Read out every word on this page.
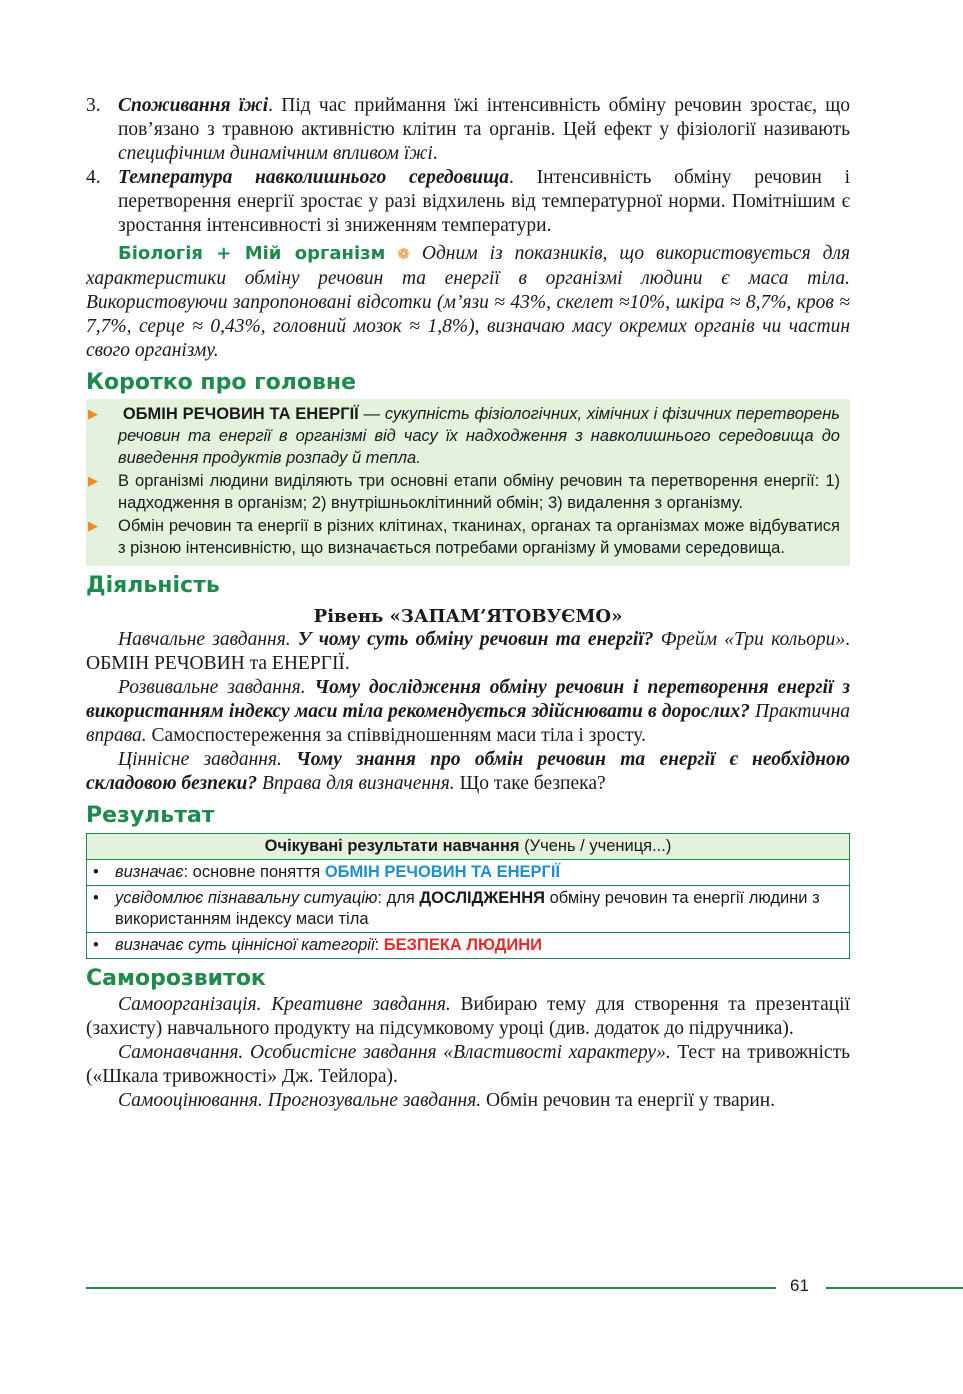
3. Споживання їжі. Під час приймання їжі інтенсивність обміну речовин зростає, що пов’язано з травною активністю клітин та органів. Цей ефект у фізіології називають специфічним динамічним впливом їжі.
4. Температура навколишнього середовища. Інтенсивність обміну речовин і перетворення енергії зростає у разі відхилень від температурної норми. Помітнішим є зростання інтенсивності зі зниженням температури.

Біологія + Мій організм ❁ Одним із показників, що використовується для характеристики обміну речовин та енергії в організмі людини є маса тіла. Використовуючи запропоновані відсотки (м’язи ≈ 43%, скелет ≈10%, шкіра ≈ 8,7%, кров ≈ 7,7%, серце ≈ 0,43%, головний мозок ≈ 1,8%), визначаю масу окремих органів чи частин свого організму.

Коротко про головне
▶	ОБМІН РЕЧОВИН ТА ЕНЕРГІЇ — сукупність фізіологічних, хімічних і фізичних перетворень речовин та енергії в організмі від часу їх надходження з навколишнього середовища до виведення продуктів розпаду й тепла.
▶	В організмі людини виділяють три основні етапи обміну речовин та перетворення енергії: 1) надходження в організм; 2) внутрішньоклітинний обмін; 3) видалення з організму.
▶	Обмін речовин та енергії в різних клітинах, тканинах, органах та організмах може відбуватися з різною інтенсивністю, що визначається потребами організму й умовами середовища.
Діяльність
Рівень «ЗАПАМ’ЯТОВУЄМО»

Навчальне завдання. У чому суть обміну речовин та енергії? Фрейм «Три кольори». ОБМІН РЕЧОВИН та ЕНЕРГІЇ.

Розвивальне завдання. Чому дослідження обміну речовин і перетворення енергії з використанням індексу маси тіла рекомендується здійснювати в дорослих? Практична вправа. Самоспостереження за співвідношенням маси тіла і зросту.

Ціннісне завдання. Чому знання про обмін речовин та енергії є необхідною складовою безпеки? Вправа для визначення. Що таке безпека?

Результат
Очікувані результати навчання (Учень / учениця...)
• визначає: основне поняття ОБМІН РЕЧОВИН ТА ЕНЕРГІЇ
• усвідомлює пізнавальну ситуацію: для ДОСЛІДЖЕННЯ обміну речовин та енергії людини з використанням індексу маси тіла
• визначає суть ціннісної категорії: БЕЗПЕКА ЛЮДИНИ
Саморозвиток

Самоорганізація. Креативне завдання. Вибираю тему для створення та презентації (захисту) навчального продукту на підсумковому уроці (див. додаток до підручника).

Самонавчання. Особистісне завдання «Властивості характеру». Тест на тривожність («Шкала тривожності» Дж. Тейлора).

Самооцінювання. Прогнозувальне завдання. Обмін речовин та енергії у тварин.

61
